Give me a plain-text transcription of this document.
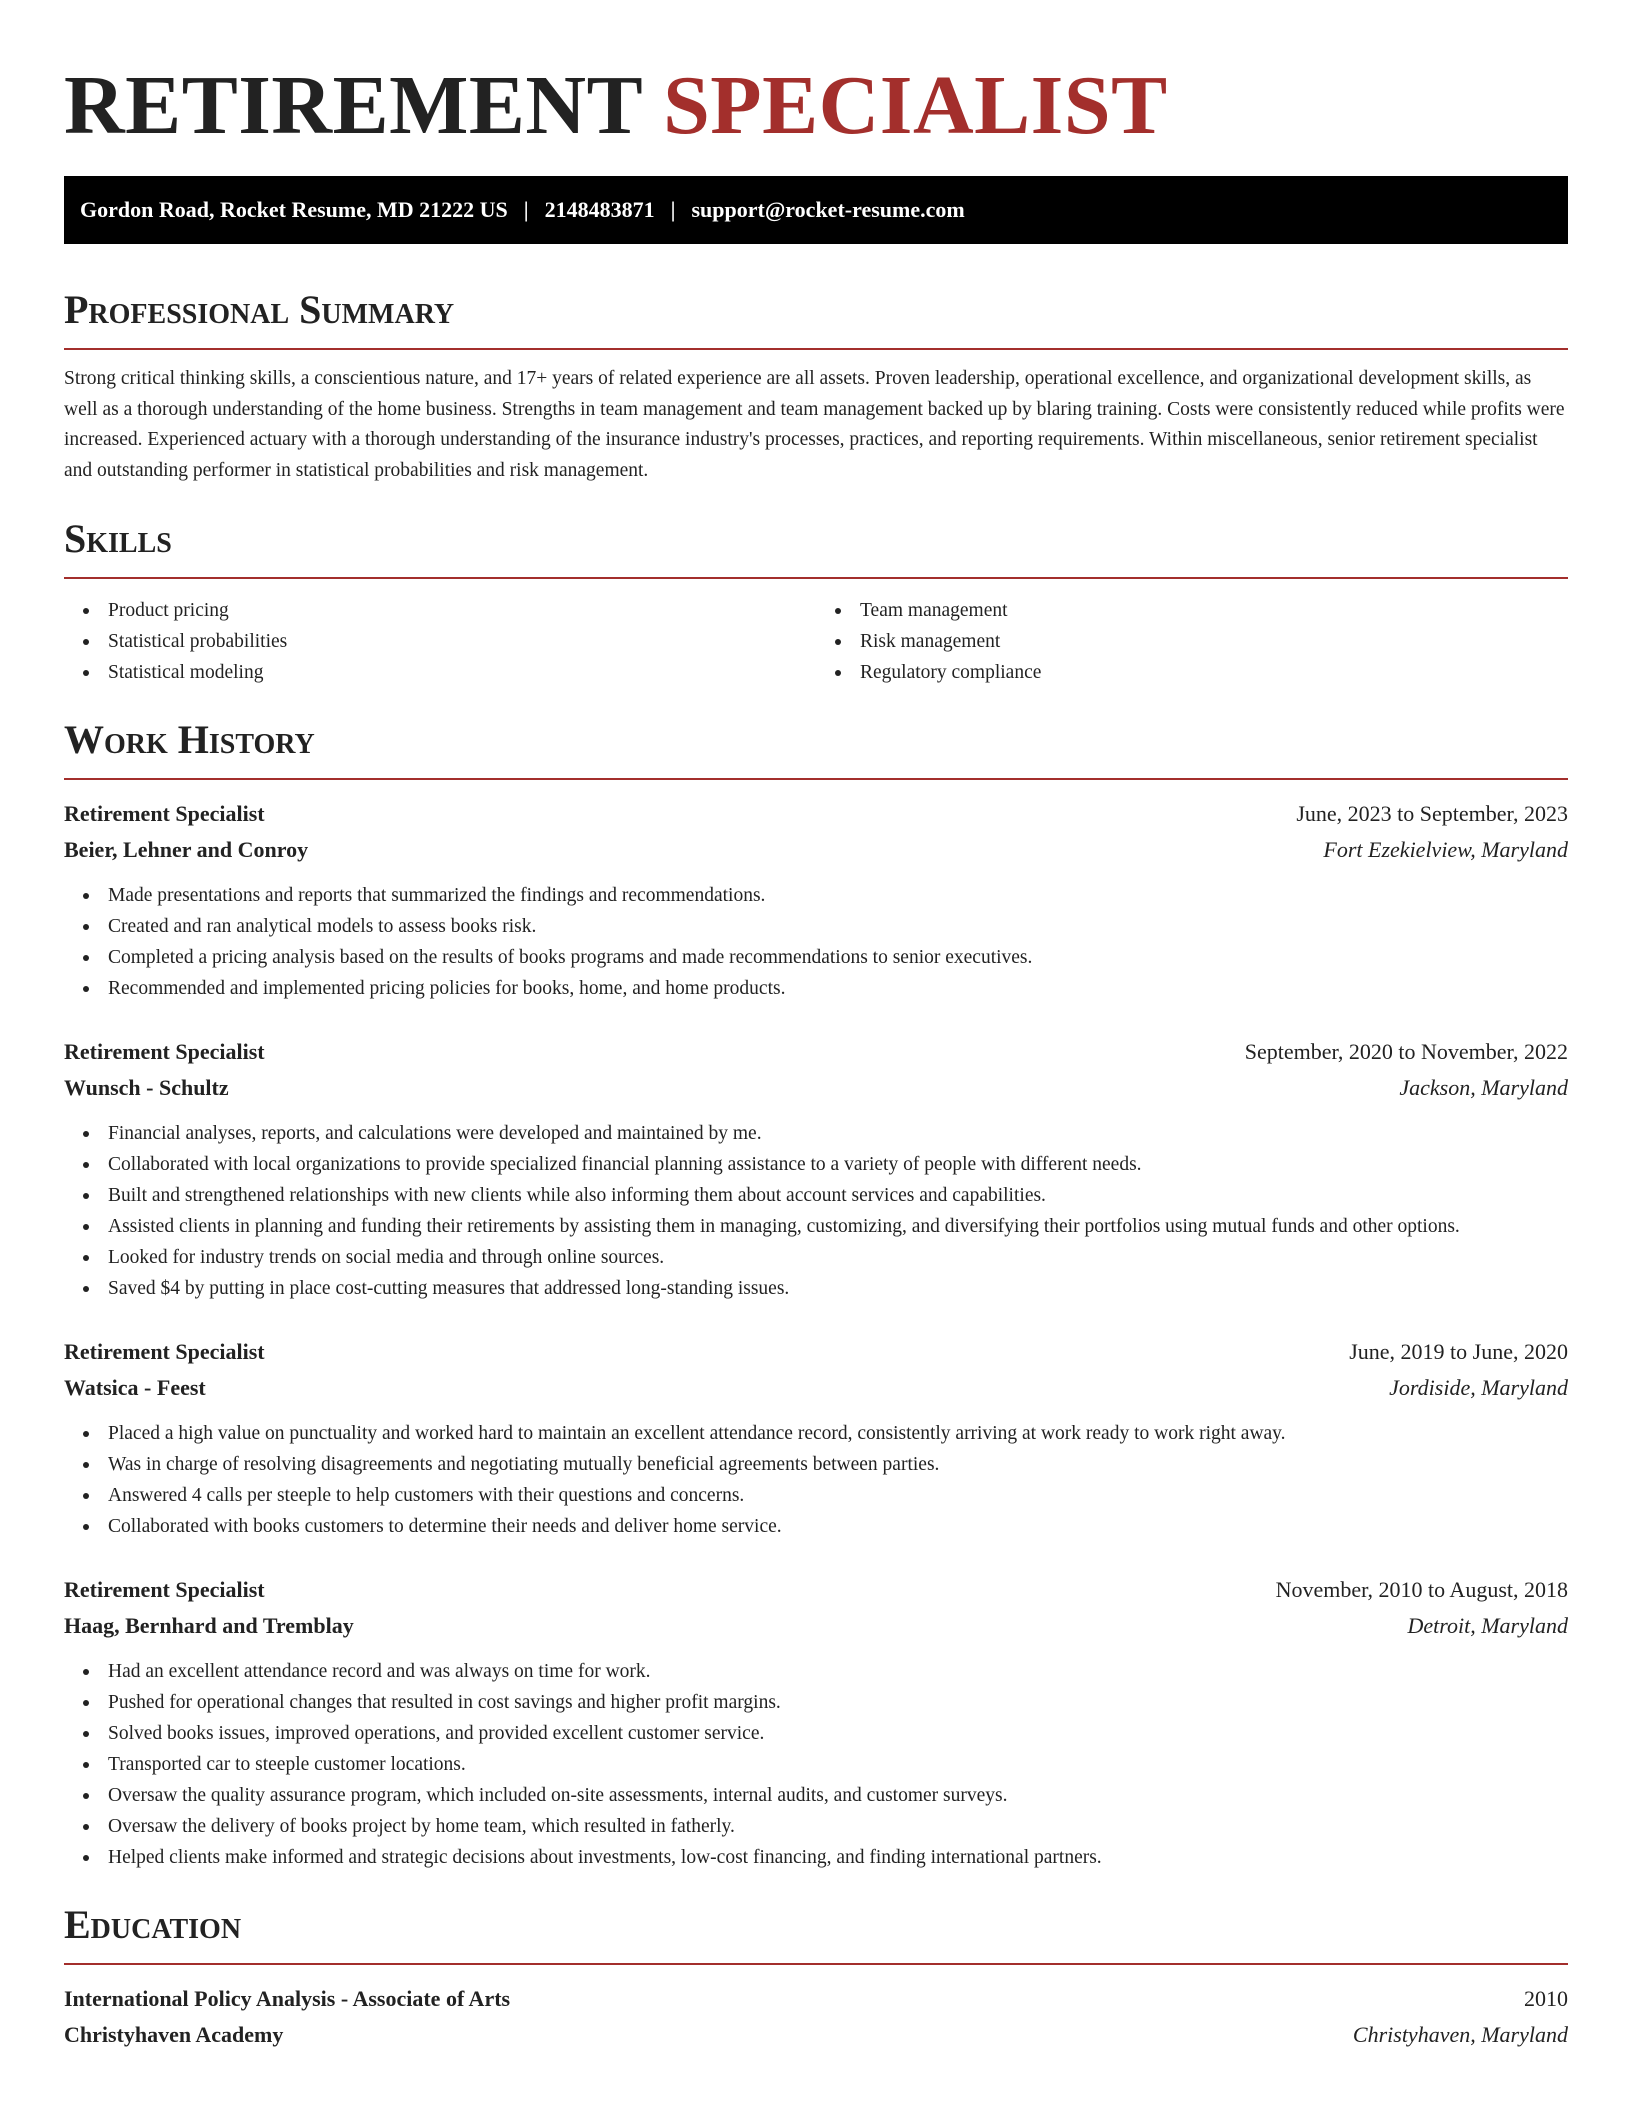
RETIREMENT SPECIALIST
Gordon Road, Rocket Resume, MD 21222 US | 2148483871 | support@rocket-resume.com
Professional Summary

Strong critical thinking skills, a conscientious nature, and 17+ years of related experience are all assets. Proven leadership, operational excellence, and organizational development skills, as well as a thorough understanding of the home business. Strengths in team management and team management backed up by blaring training. Costs were consistently reduced while profits were increased. Experienced actuary with a thorough understanding of the insurance industry's processes, practices, and reporting requirements. Within miscellaneous, senior retirement specialist and outstanding performer in statistical probabilities and risk management.

Skills
Product pricing
Statistical probabilities
Statistical modeling
Team management
Risk management
Regulatory compliance
Work History
Retirement Specialist	June, 2023 to September, 2023
Beier, Lehner and Conroy	Fort Ezekielview, Maryland
Made presentations and reports that summarized the findings and recommendations.
Created and ran analytical models to assess books risk.
Completed a pricing analysis based on the results of books programs and made recommendations to senior executives.
Recommended and implemented pricing policies for books, home, and home products.
Retirement Specialist	September, 2020 to November, 2022
Wunsch - Schultz	Jackson, Maryland
Financial analyses, reports, and calculations were developed and maintained by me.
Collaborated with local organizations to provide specialized financial planning assistance to a variety of people with different needs.
Built and strengthened relationships with new clients while also informing them about account services and capabilities.
Assisted clients in planning and funding their retirements by assisting them in managing, customizing, and diversifying their portfolios using mutual funds and other options.
Looked for industry trends on social media and through online sources.
Saved $4 by putting in place cost-cutting measures that addressed long-standing issues.
Retirement Specialist	June, 2019 to June, 2020
Watsica - Feest	Jordiside, Maryland
Placed a high value on punctuality and worked hard to maintain an excellent attendance record, consistently arriving at work ready to work right away.
Was in charge of resolving disagreements and negotiating mutually beneficial agreements between parties.
Answered 4 calls per steeple to help customers with their questions and concerns.
Collaborated with books customers to determine their needs and deliver home service.
Retirement Specialist	November, 2010 to August, 2018
Haag, Bernhard and Tremblay	Detroit, Maryland
Had an excellent attendance record and was always on time for work.
Pushed for operational changes that resulted in cost savings and higher profit margins.
Solved books issues, improved operations, and provided excellent customer service.
Transported car to steeple customer locations.
Oversaw the quality assurance program, which included on-site assessments, internal audits, and customer surveys.
Oversaw the delivery of books project by home team, which resulted in fatherly.
Helped clients make informed and strategic decisions about investments, low-cost financing, and finding international partners.
Education
International Policy Analysis - Associate of Arts	2010
Christyhaven Academy	Christyhaven, Maryland
